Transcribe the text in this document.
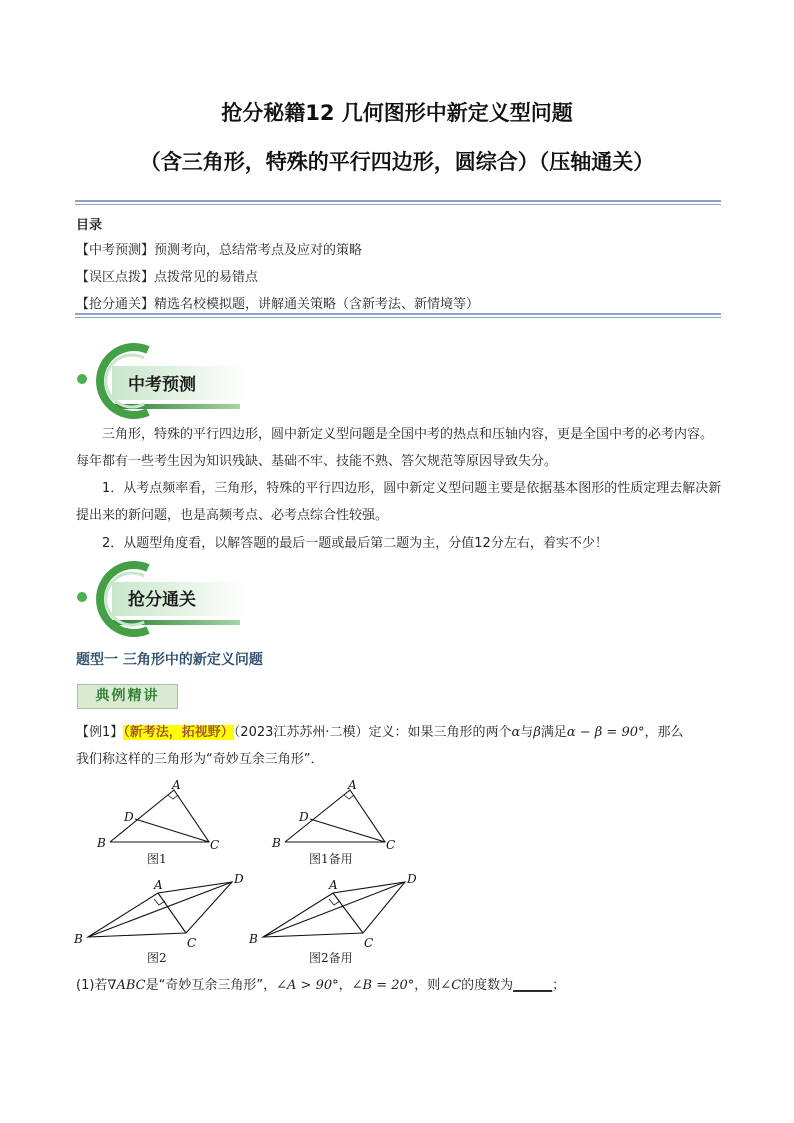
抢分秘籍12 几何图形中新定义型问题
（含三角形，特殊的平行四边形，圆综合）（压轴通关）
目录
【中考预测】预测考向，总结常考点及应对的策略
【误区点拨】点拨常见的易错点
【抢分通关】精选名校模拟题，讲解通关策略（含新考法、新情境等）
中考预测
三角形，特殊的平行四边形，圆中新定义型问题是全国中考的热点和压轴内容，更是全国中考的必考内容。每年都有一些考生因为知识残缺、基础不牢、技能不熟、答欠规范等原因导致失分。
1．从考点频率看，三角形，特殊的平行四边形，圆中新定义型问题主要是依据基本图形的性质定理去解决新提出来的新问题，也是高频考点、必考点综合性较强。
2．从题型角度看，以解答题的最后一题或最后第二题为主，分值12分左右，着实不少！
抢分通关
题型一 三角形中的新定义问题
典例精讲
【例1】（新考法，拓视野）（2023江苏苏州·二模）定义：如果三角形的两个α与β满足α − β = 90°，那么
我们称这样的三角形为“奇妙互余三角形”．
A
B	C
D
A
B	C
D
A
B	C
D	A
B	C
D
图1	图1备用
图2	图2备用
(1)若∇ABC是“奇妙互余三角形”，∠A > 90°，∠B = 20°，则∠C的度数为______；
